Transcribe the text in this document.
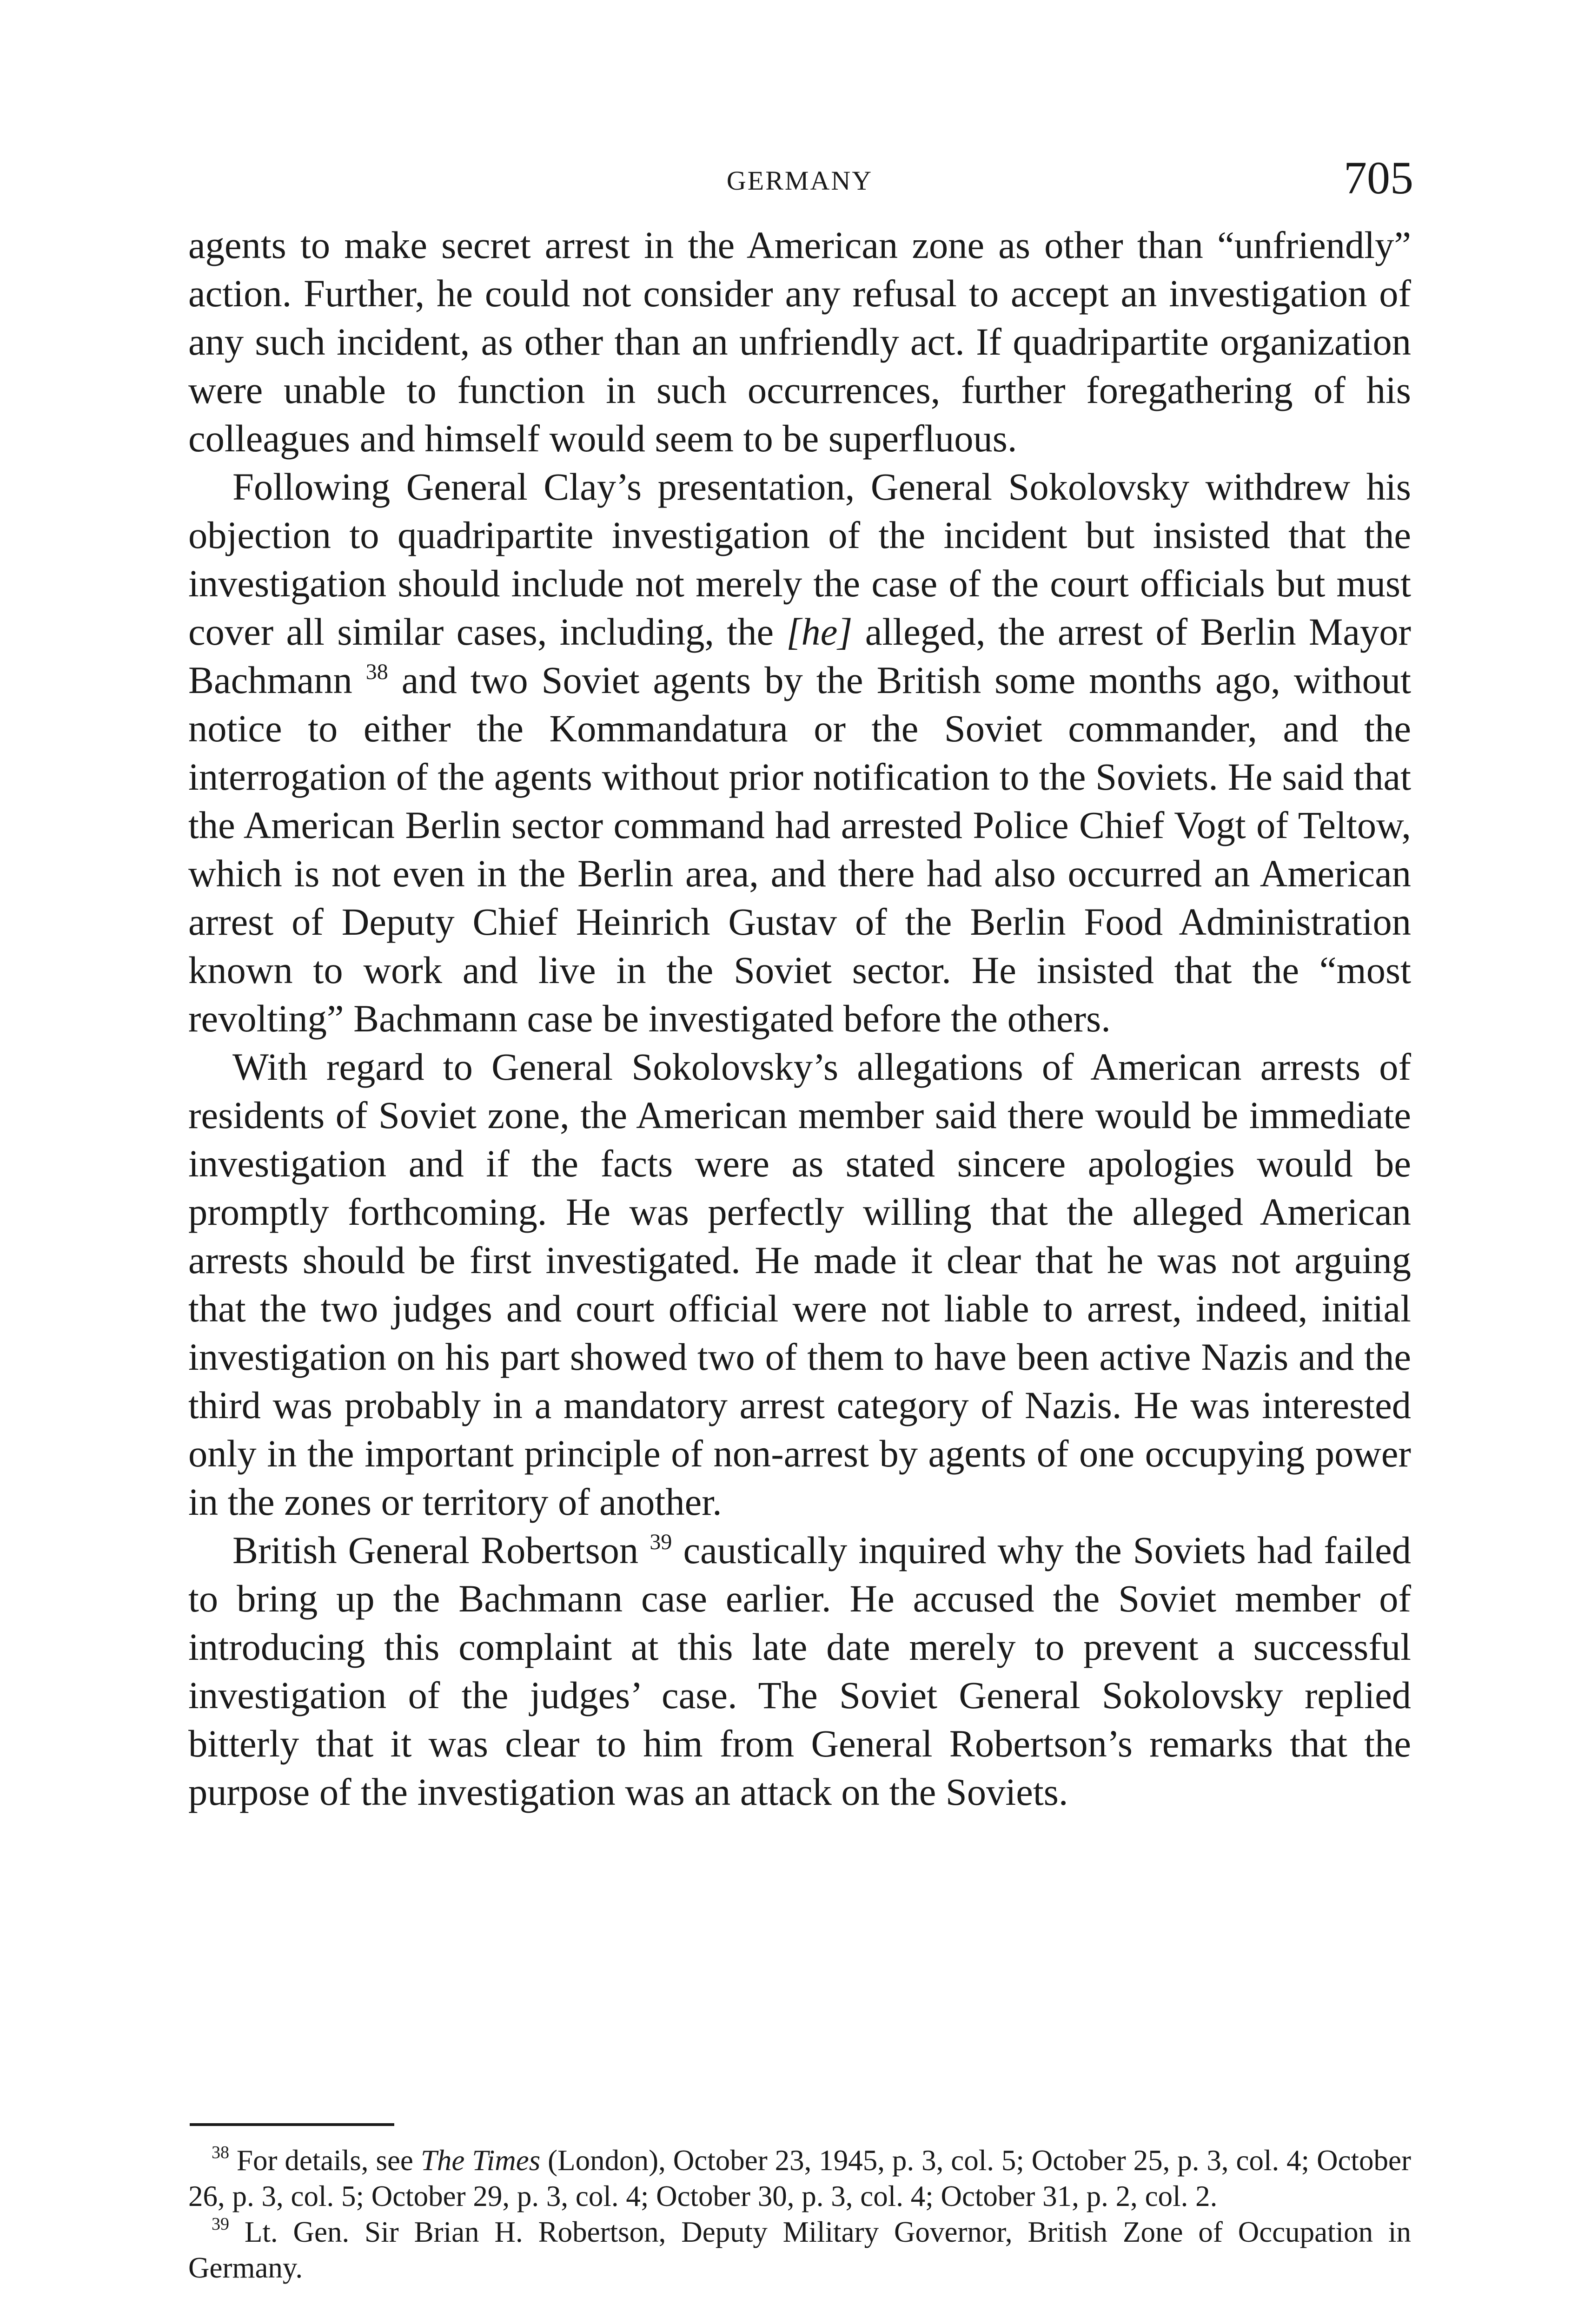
GERMANY	705

agents to make secret arrest in the American zone as other than “unfriendly” action. Further, he could not consider any refusal to accept an investigation of any such incident, as other than an unfriendly act. If quadripartite organization were unable to function in such occurrences, further foregathering of his colleagues and himself would seem to be superfluous.

Following General Clay’s presentation, General Sokolovsky withdrew his objection to quadripartite investigation of the incident but insisted that the investigation should include not merely the case of the court officials but must cover all similar cases, including, the [he] alleged, the arrest of Berlin Mayor Bachmann $^{38}$ and two Soviet agents by the British some months ago, without notice to either the Kommandatura or the Soviet commander, and the interrogation of the agents without prior notification to the Soviets. He said that the American Berlin sector command had arrested Police Chief Vogt of Teltow, which is not even in the Berlin area, and there had also occurred an American arrest of Deputy Chief Heinrich Gustav of the Berlin Food Administration known to work and live in the Soviet sector. He insisted that the “most revolting” Bachmann case be investigated before the others.

With regard to General Sokolovsky’s allegations of American arrests of residents of Soviet zone, the American member said there would be immediate investigation and if the facts were as stated sincere apologies would be promptly forthcoming. He was perfectly willing that the alleged American arrests should be first investigated. He made it clear that he was not arguing that the two judges and court official were not liable to arrest, indeed, initial investigation on his part showed two of them to have been active Nazis and the third was probably in a mandatory arrest category of Nazis. He was interested only in the important principle of non-arrest by agents of one occupying power in the zones or territory of another.

British General Robertson $^{39}$ caustically inquired why the Soviets had failed to bring up the Bachmann case earlier. He accused the Soviet member of introducing this complaint at this late date merely to prevent a successful investigation of the judges’ case. The Soviet General Sokolovsky replied bitterly that it was clear to him from General Robertson’s remarks that the purpose of the investigation was an attack on the Soviets.

$^{38}$ For details, see The Times (London), October 23, 1945, p. 3, col. 5; October 25, p. 3, col. 4; October 26, p. 3, col. 5; October 29, p. 3, col. 4; October 30, p. 3, col. 4; October 31, p. 2, col. 2.

$^{39}$ Lt. Gen. Sir Brian H. Robertson, Deputy Military Governor, British Zone of Occupation in Germany.
